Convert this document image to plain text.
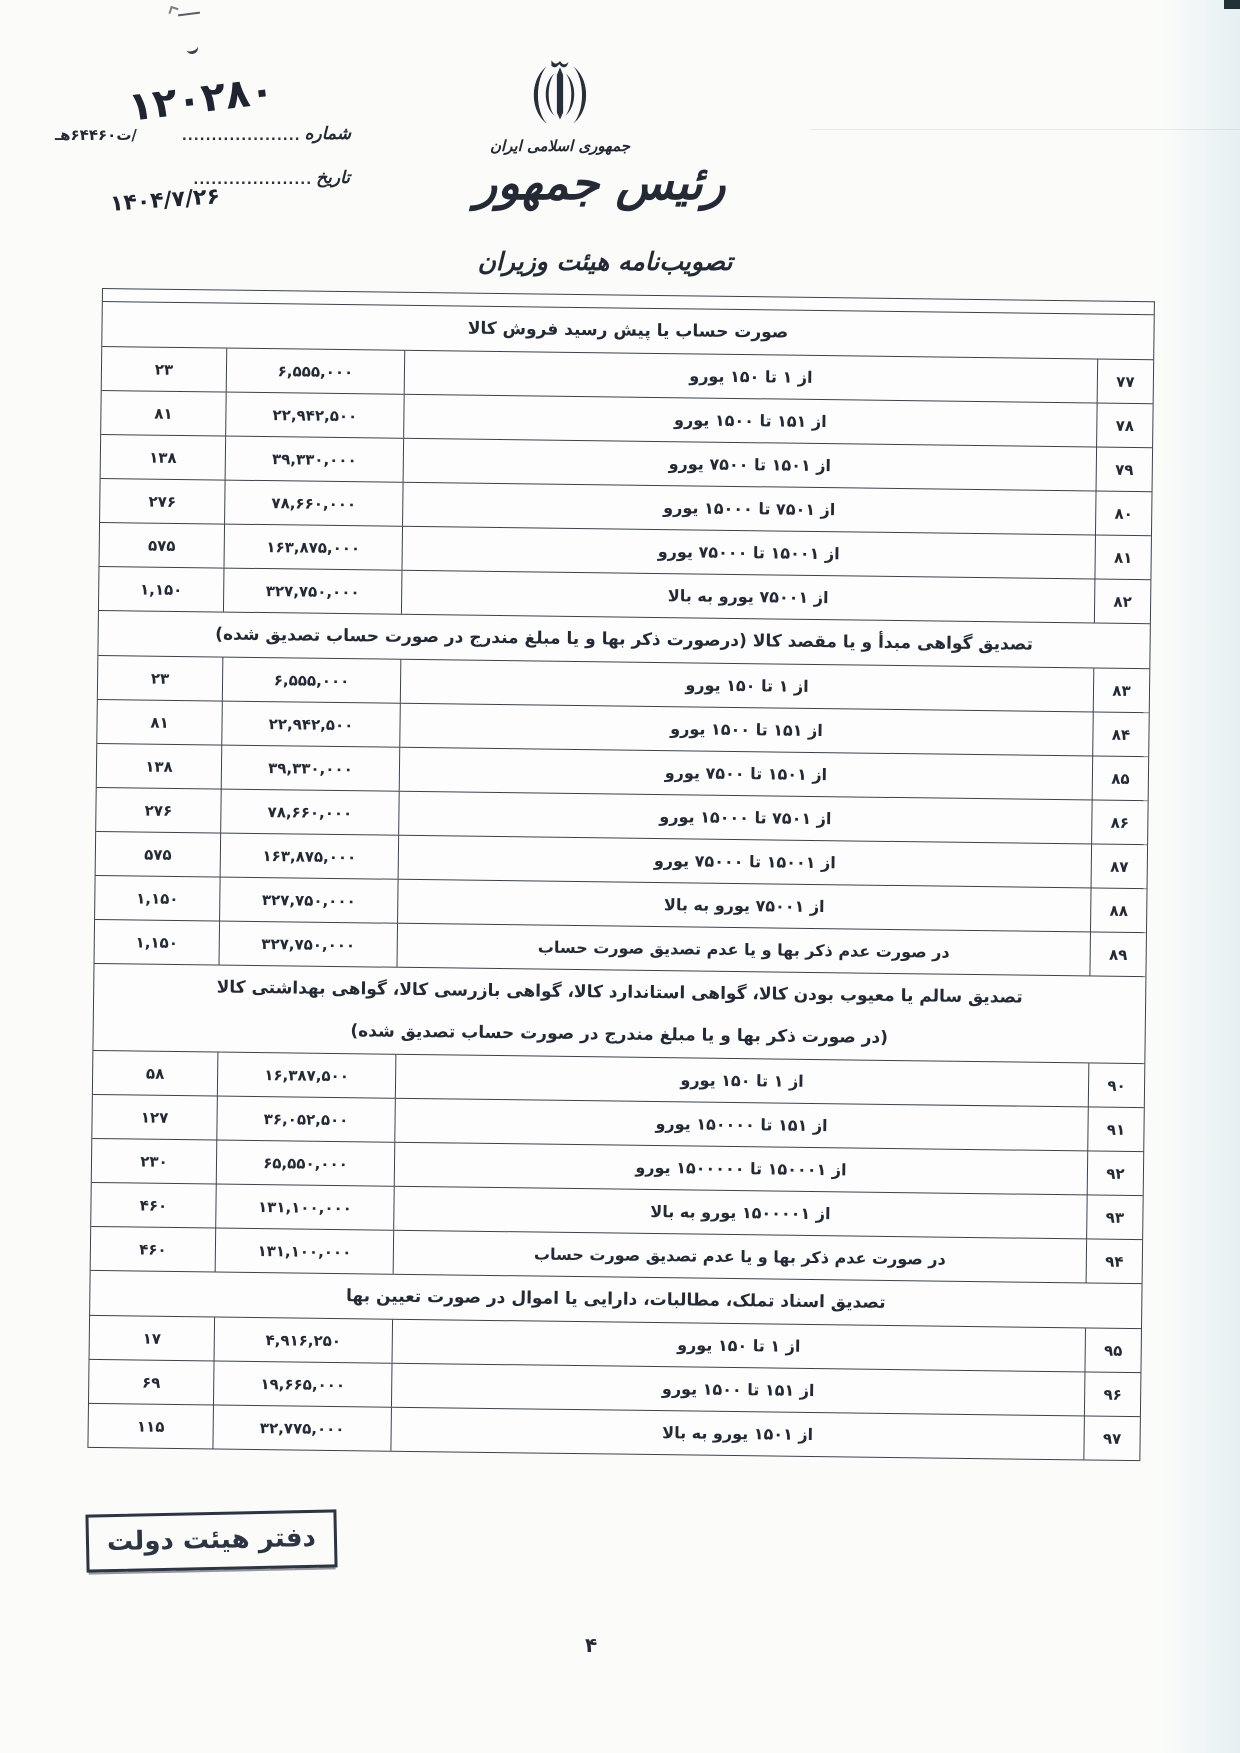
جمهوری اسلامی ایران
رئیس جمهور
تصویب‌نامه هیئت وزیران
۱۲۰۲۸۰
شماره
....................
/ت۶۴۴۶۰هـ
تاریخ
....................
۱۴۰۴/۷/۲۶
صورت حساب یا پیش رسید فروش کالا
۲۳	۶,۵۵۵,۰۰۰	از ۱ تا ۱۵۰ یورو	۷۷
۸۱	۲۲,۹۴۲,۵۰۰	از ۱۵۱ تا ۱۵۰۰ یورو	۷۸
۱۳۸	۳۹,۳۳۰,۰۰۰	از ۱۵۰۱ تا ۷۵۰۰ یورو	۷۹
۲۷۶	۷۸,۶۶۰,۰۰۰	از ۷۵۰۱ تا ۱۵۰۰۰ یورو	۸۰
۵۷۵	۱۶۳,۸۷۵,۰۰۰	از ۱۵۰۰۱ تا ۷۵۰۰۰ یورو	۸۱
۱,۱۵۰	۳۲۷,۷۵۰,۰۰۰	از ۷۵۰۰۱ یورو به بالا	۸۲
تصدیق گواهی مبدأ و یا مقصد کالا (درصورت ذکر بها و یا مبلغ مندرج در صورت حساب تصدیق شده)
۲۳	۶,۵۵۵,۰۰۰	از ۱ تا ۱۵۰ یورو	۸۳
۸۱	۲۲,۹۴۲,۵۰۰	از ۱۵۱ تا ۱۵۰۰ یورو	۸۴
۱۳۸	۳۹,۳۳۰,۰۰۰	از ۱۵۰۱ تا ۷۵۰۰ یورو	۸۵
۲۷۶	۷۸,۶۶۰,۰۰۰	از ۷۵۰۱ تا ۱۵۰۰۰ یورو	۸۶
۵۷۵	۱۶۳,۸۷۵,۰۰۰	از ۱۵۰۰۱ تا ۷۵۰۰۰ یورو	۸۷
۱,۱۵۰	۳۲۷,۷۵۰,۰۰۰	از ۷۵۰۰۱ یورو به بالا	۸۸
۱,۱۵۰	۳۲۷,۷۵۰,۰۰۰	در صورت عدم ذکر بها و یا عدم تصدیق صورت حساب	۸۹
تصدیق سالم یا معیوب بودن کالا، گواهی استاندارد کالا، گواهی بازرسی کالا، گواهی بهداشتی کالا
(در صورت ذکر بها و یا مبلغ مندرج در صورت حساب تصدیق شده)
۵۸	۱۶,۳۸۷,۵۰۰	از ۱ تا ۱۵۰ یورو	۹۰
۱۲۷	۳۶,۰۵۲,۵۰۰	از ۱۵۱ تا ۱۵۰۰۰۰ یورو	۹۱
۲۳۰	۶۵,۵۵۰,۰۰۰	از ۱۵۰۰۰۱ تا ۱۵۰۰۰۰۰ یورو	۹۲
۴۶۰	۱۳۱,۱۰۰,۰۰۰	از ۱۵۰۰۰۰۱ یورو به بالا	۹۳
۴۶۰	۱۳۱,۱۰۰,۰۰۰	در صورت عدم ذکر بها و یا عدم تصدیق صورت حساب	۹۴
تصدیق اسناد تملک، مطالبات، دارایی یا اموال در صورت تعیین بها
۱۷	۴,۹۱۶,۲۵۰	از ۱ تا ۱۵۰ یورو	۹۵
۶۹	۱۹,۶۶۵,۰۰۰	از ۱۵۱ تا ۱۵۰۰ یورو	۹۶
۱۱۵	۳۲,۷۷۵,۰۰۰	از ۱۵۰۱ یورو به بالا	۹۷
دفتر هیئت دولت
۴
